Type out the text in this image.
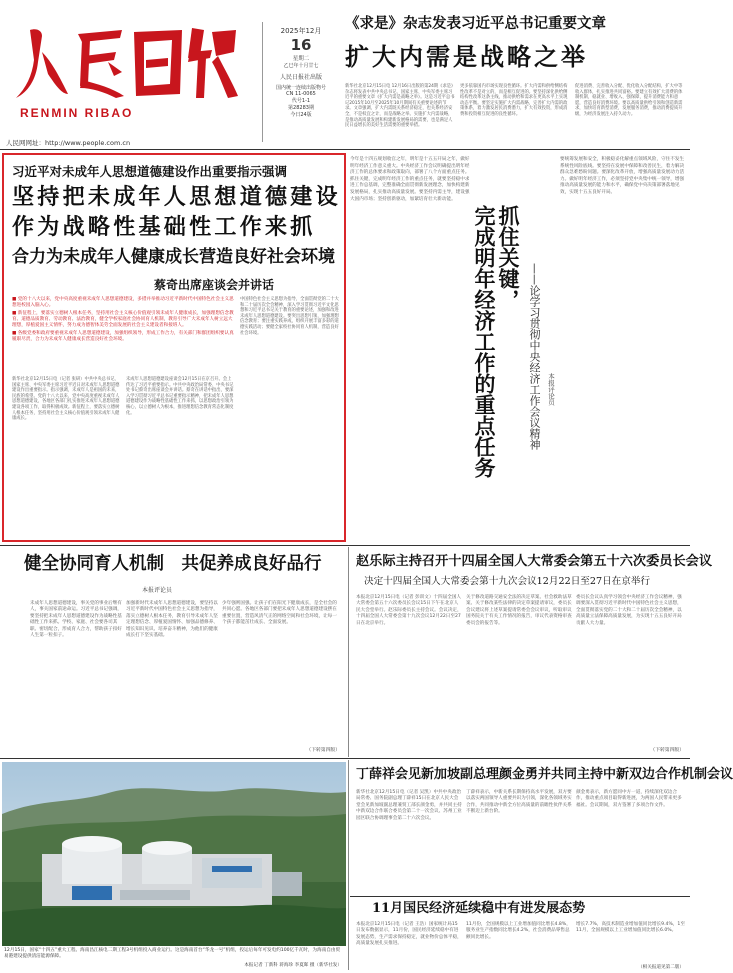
RENMIN RIBAO
人民网网址：http://www.people.com.cn
2025年12月
16
星期二
乙巳年十月廿七
人民日报社出版
国内统一连续出版物号
CN 11-0065
代号1-1
第28283期
今日24版
《求是》杂志发表习近平总书记重要文章
扩大内需是战略之举
新华社北京12月15日电 12月16日出版的第24期《求是》杂志将发表中共中央总书记、国家主席、中央军委主席习近平的重要文章《扩大内需是战略之举》。这是习近平总书记2015年10月至2025年10月期间有关重要论述的节录。文章强调，扩大内需既关系经济稳定，也关系经济安全，不是权宜之计，而是战略之举。实施扩大内需战略，是推动高质量发展和构建新发展格局的需要，也是满足人民日益增长的美好生活需要的重要举措。
更多依靠国内市场实现良性循环。扩大内需和供给侧结构性改革不是对立的，而是相互促进的。要坚持深化供给侧结构性改革这条主线，推动供给和需求在更高水平上实现动态平衡。要坚定实施扩大内需战略，完善扩大内需的政策体系，着力激发居民消费潜力，扩大有效投资，形成消费和投资相互促进的良性循环。
促进消费、完善收入分配、优化收入分配结构，扩大中等收入群体，扎实推进共同富裕。要建立有效扩大消费的体制机制，稳就业、增收入、强保障，提升消费能力和意愿，营造良好消费环境。要以高质量供给引领和创造新需求，加快培育新型消费，发展服务消费，推动消费提质升级，为经济发展注入持久动力。
习近平对未成年人思想道德建设作出重要指示强调
坚持把未成年人思想道德建设
作为战略性基础性工作来抓
合力为未成年人健康成长营造良好社会环境
蔡奇出席座谈会并讲话

■ 党的十八大以来，党中央高度重视未成年人思想道德建设，多措并举推动习近平新时代中国特色社会主义思想进校园入脑入心。

■ 新征程上，要落实立德树人根本任务，坚持用社会主义核心价值观引领未成年人健康成长，加强理想信念教育、道德品质教育、劳动教育、法治教育，健全学校家庭社会协同育人机制，教育引导广大未成年人树立远大理想，厚植爱国主义情怀，努力成为德智体美劳全面发展的社会主义建设者和接班人。

■ 各级党委和政府要重视未成年人思想道德建设，加强组织领导，形成工作合力，有关部门和群团组织要认真履职尽责，合力为未成年人健康成长营造良好社会环境。

中国特色社会主义思想为指导，全面贯彻党的二十大和二十届历次全会精神，深入学习贯彻习近平文化思想和习近平总书记关于教育的重要论述，加强和改进未成年人思想道德建设。要突出思想引领，加强理想信念教育；要注重实践养成，组织开展丰富多彩的道德实践活动；要健全家校社协同育人机制，营造良好社会环境。
新华社北京12月15日电（记者 张研）中共中央总书记、国家主席、中央军委主席习近平近日对未成年人思想道德建设作出重要指示。指示强调，未成年人是祖国的未来，民族的希望。党的十八大以来，党中央高度重视未成年人思想道德建设，各地区各部门扎实推进未成年人思想道德建设各项工作，取得积极成效。新征程上，要落实立德树人根本任务，坚持用社会主义核心价值观引领未成年人健康成长。
未成年人思想道德建设座谈会12月15日在京召开。会上传达了习近平重要指示。中共中央政治局常委、中央书记处书记蔡奇出席座谈会并讲话。蔡奇在讲话中指出，要深入学习贯彻习近平总书记重要指示精神，把未成年人思想道德建设作为战略性基础性工作来抓，以思想政治引领为核心，以立德树人为根本，推进理想信念教育常态化制度化。
今年是十四五规划收官之年，明年是十五五开局之年，做好明年经济工作意义重大。中央经济工作会议明确提出明年经济工作的总体要求和政策取向，部署了八个方面重点任务。抓住关键，完成明年经济工作的重点任务，就要坚持稳中求进工作总基调，完整准确全面贯彻新发展理念，加快构建新发展格局，扎实推动高质量发展。要坚持内需主导，建设强大国内市场；坚持创新驱动，加紧培育壮大新动能。
抓住关键，
完成明年经济工作的重点任务	——论学习贯彻中央经济工作会议精神 本报评论员
要统筹发展和安全，积极稳妥化解重点领域风险，守住不发生系统性风险底线。要坚持在发展中保障和改善民生，着力解决群众急难愁盼问题。要深化改革开放，增强高质量发展动力活力。做好明年经济工作，必须坚持党中央集中统一领导，增强推动高质量发展的能力和水平，确保党中央决策部署落地见效，实现十五五良好开局。
健全协同育人机制　共促养成良好品行
本报评论员
未成年人思想道德建设，事关党的事业后继有人，事关国家前途命运。习近平总书记强调，要坚持把未成年人思想道德建设作为战略性基础性工作来抓。学校、家庭、社会要各司其职、密切配合，形成育人合力，帮助孩子扣好人生第一粒扣子。
加强新时代未成年人思想道德建设，要坚持以习近平新时代中国特色社会主义思想为指导，落实立德树人根本任务，教育引导未成年人坚定理想信念、厚植爱国情怀、加强品德修养、增长知识见识、培养奋斗精神，为他们的健康成长打下坚实基础。
少年强则国强。让孩子们在阳光下健康成长，是全社会的共同心愿。各地区各部门要把未成年人思想道德建设摆在重要位置，营造风清气正的网络空间和社会环境，让每一个孩子都能茁壮成长、全面发展。
（下转第四版）
赵乐际主持召开十四届全国人大常委会第五十六次委员长会议
决定十四届全国人大常委会第十九次会议12月22日至27日在京举行
本报北京12月15日电（记者 彭训文）十四届全国人大常委会第五十六次委员长会议15日下午在北京人民大会堂举行。赵乐际委员长主持会议。会议决定，十四届全国人大常委会第十九次会议12月22日至27日在北京举行。
关于修改道路交通安全法的决定草案、社会救助法草案、关于修改某些法律的决定草案提请审议，委员长会议建议将上述草案提请常委会会议审议，听取审议国务院关于有关工作情况的报告，审议代表资格审查委员会的报告等。
委员长会议认真学习领会中央经济工作会议精神，强调要深入贯彻习近平新时代中国特色社会主义思想，全面贯彻落实党的二十大和二十届历次全会精神，以高质量立法保障高质量发展，为实现十五五良好开局贡献人大力量。
（下转第四版）
12月15日，国家“十四五”重大工程、海南昌江核电二期工程3号机组投入商业运行。这是海南首台“华龙一号”机组，投运后每年可发电约100亿千瓦时，为海南自由贸易港建设提供清洁能源保障。
本报记者 丁新科 蒋海珍 李夏晖 摄（新华社发）
丁薛祥会见新加坡副总理颜金勇并共同主持中新双边合作机制会议
新华社北京12月15日电（记者 吴凯）中共中央政治局常委、国务院副总理丁薛祥15日在北京人民大会堂会见新加坡副总理兼贸工部长颜金勇，并共同主持中新双边合作联合委员会第二十一次会议、苏州工业园区联合协调理事会第二十六次会议。
丁薛祥表示，中新关系长期保持高水平发展，双方要以落实两国领导人重要共识为引领，深化各领域务实合作，共同推动中新全方位高质量的前瞻性伙伴关系不断迈上新台阶。
颜金勇表示，新方愿同中方一道，持续深化双边合作，推动重点项目取得新进展，为两国人民带来更多福祉。会议期间，双方签署了多项合作文件。
11月国民经济延续稳中有进发展态势
本报北京12月15日电（记者 王浩）国家统计局15日发布数据显示，11月份，国民经济延续稳中有进发展态势，生产需求保持稳定，就业物价总体平稳，高质量发展扎实推进。
11月份，全国规模以上工业增加值同比增长4.8%，服务业生产指数同比增长4.2%，社会消费品零售总额同比增长。
增长7.7%，高技术制造业增加值同比增长9.4%，1至11月，全国规模以上工业增加值同比增长6.0%。
（相关报道见第二版）
